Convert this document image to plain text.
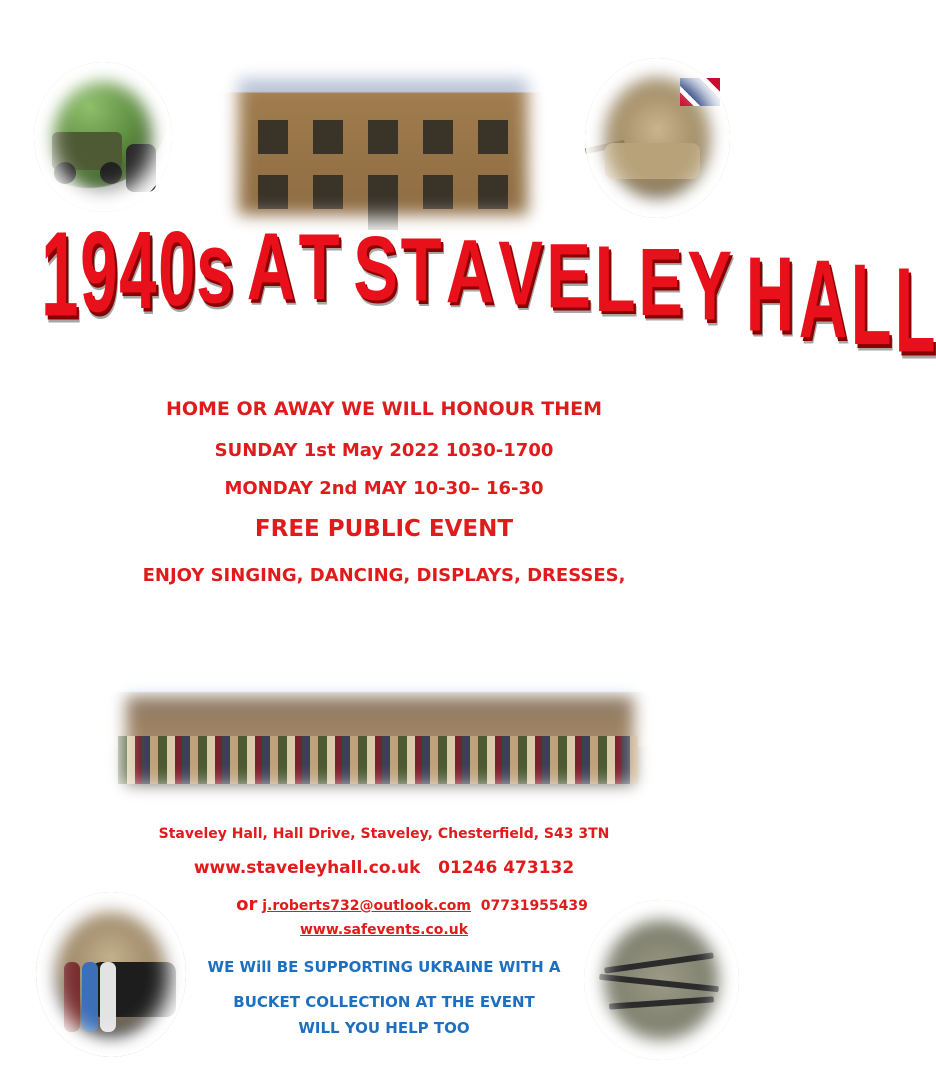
1940s AT STAVELEY HALL
HOME OR AWAY WE WILL HONOUR THEM
SUNDAY 1st May 2022 1030-1700
MONDAY 2nd MAY 10-30– 16-30
FREE PUBLIC EVENT
ENJOY SINGING, DANCING, DISPLAYS, DRESSES,
Staveley Hall, Hall Drive, Staveley, Chesterfield, S43 3TN
www.staveleyhall.co.uk 01246 473132
or j.roberts732@outlook.com 07731955439
www.safevents.co.uk
WE Will BE SUPPORTING UKRAINE WITH A
BUCKET COLLECTION AT THE EVENT
WILL YOU HELP TOO
